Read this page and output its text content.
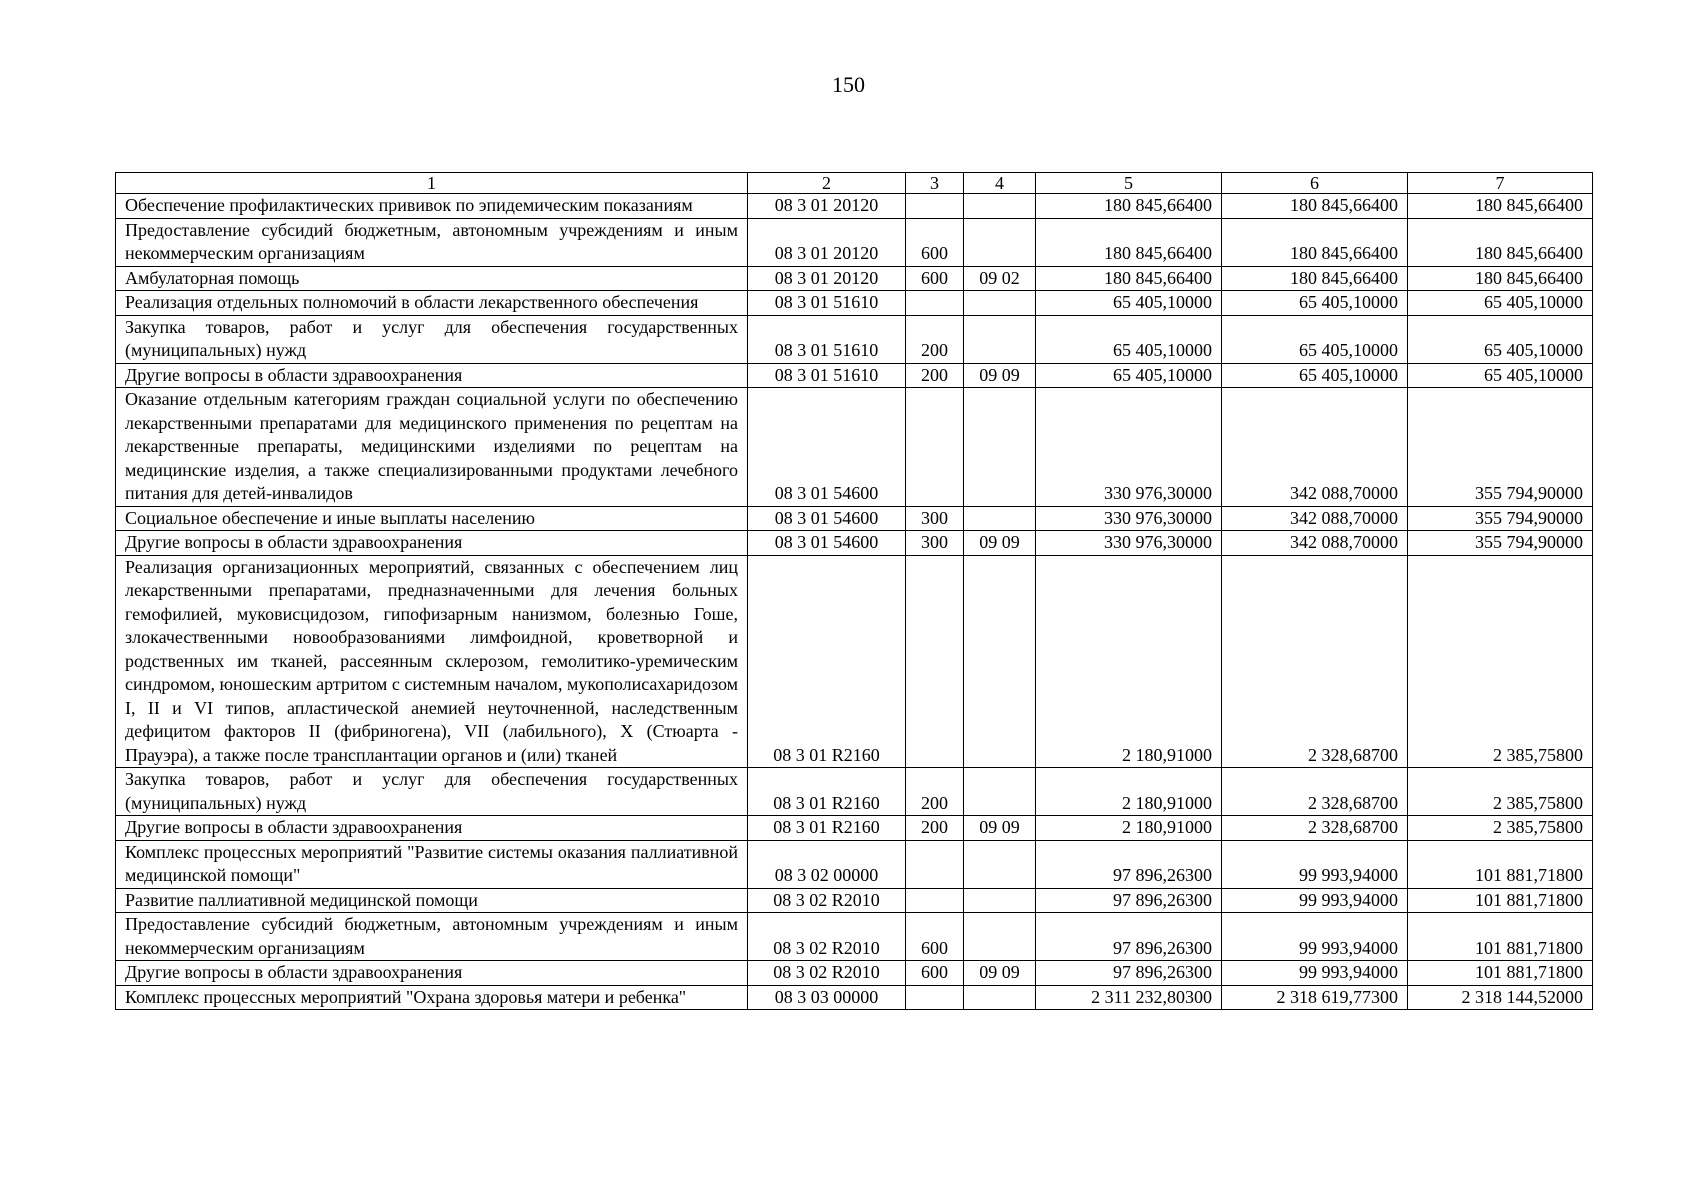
150
1	2	3	4	5	6	7
Обеспечение профилактических прививок по эпидемическим показаниям	08 3 01 20120			180 845,66400	180 845,66400	180 845,66400
Предоставление субсидий бюджетным, автономным учреждениям и иным некоммерческим организациям	08 3 01 20120	600		180 845,66400	180 845,66400	180 845,66400
Амбулаторная помощь	08 3 01 20120	600	09 02	180 845,66400	180 845,66400	180 845,66400
Реализация отдельных полномочий в области лекарственного обеспечения	08 3 01 51610			65 405,10000	65 405,10000	65 405,10000
Закупка товаров, работ и услуг для обеспечения государственных (муниципальных) нужд	08 3 01 51610	200		65 405,10000	65 405,10000	65 405,10000
Другие вопросы в области здравоохранения	08 3 01 51610	200	09 09	65 405,10000	65 405,10000	65 405,10000
Оказание отдельным категориям граждан социальной услуги по обеспечению лекарственными препаратами для медицинского применения по рецептам на лекарственные препараты, медицинскими изделиями по рецептам на медицинские изделия, а также специализированными продуктами лечебного питания для детей-инвалидов	08 3 01 54600			330 976,30000	342 088,70000	355 794,90000
Социальное обеспечение и иные выплаты населению	08 3 01 54600	300		330 976,30000	342 088,70000	355 794,90000
Другие вопросы в области здравоохранения	08 3 01 54600	300	09 09	330 976,30000	342 088,70000	355 794,90000
Реализация организационных мероприятий, связанных с обеспечением лиц лекарственными препаратами, предназначенными для лечения больных гемофилией, муковисцидозом, гипофизарным нанизмом, болезнью Гоше, злокачественными новообразованиями лимфоидной, кроветворной и родственных им тканей, рассеянным склерозом, гемолитико-уремическим синдромом, юношеским артритом с системным началом, мукополисахаридозом I, II и VI типов, апластической анемией неуточненной, наследственным дефицитом факторов II (фибриногена), VII (лабильного), X (Стюарта - Прауэра), а также после трансплантации органов и (или) тканей	08 3 01 R2160			2 180,91000	2 328,68700	2 385,75800
Закупка товаров, работ и услуг для обеспечения государственных (муниципальных) нужд	08 3 01 R2160	200		2 180,91000	2 328,68700	2 385,75800
Другие вопросы в области здравоохранения	08 3 01 R2160	200	09 09	2 180,91000	2 328,68700	2 385,75800
Комплекс процессных мероприятий "Развитие системы оказания паллиативной медицинской помощи"	08 3 02 00000			97 896,26300	99 993,94000	101 881,71800
Развитие паллиативной медицинской помощи	08 3 02 R2010			97 896,26300	99 993,94000	101 881,71800
Предоставление субсидий бюджетным, автономным учреждениям и иным некоммерческим организациям	08 3 02 R2010	600		97 896,26300	99 993,94000	101 881,71800
Другие вопросы в области здравоохранения	08 3 02 R2010	600	09 09	97 896,26300	99 993,94000	101 881,71800
Комплекс процессных мероприятий "Охрана здоровья матери и ребенка"	08 3 03 00000			2 311 232,80300	2 318 619,77300	2 318 144,52000
